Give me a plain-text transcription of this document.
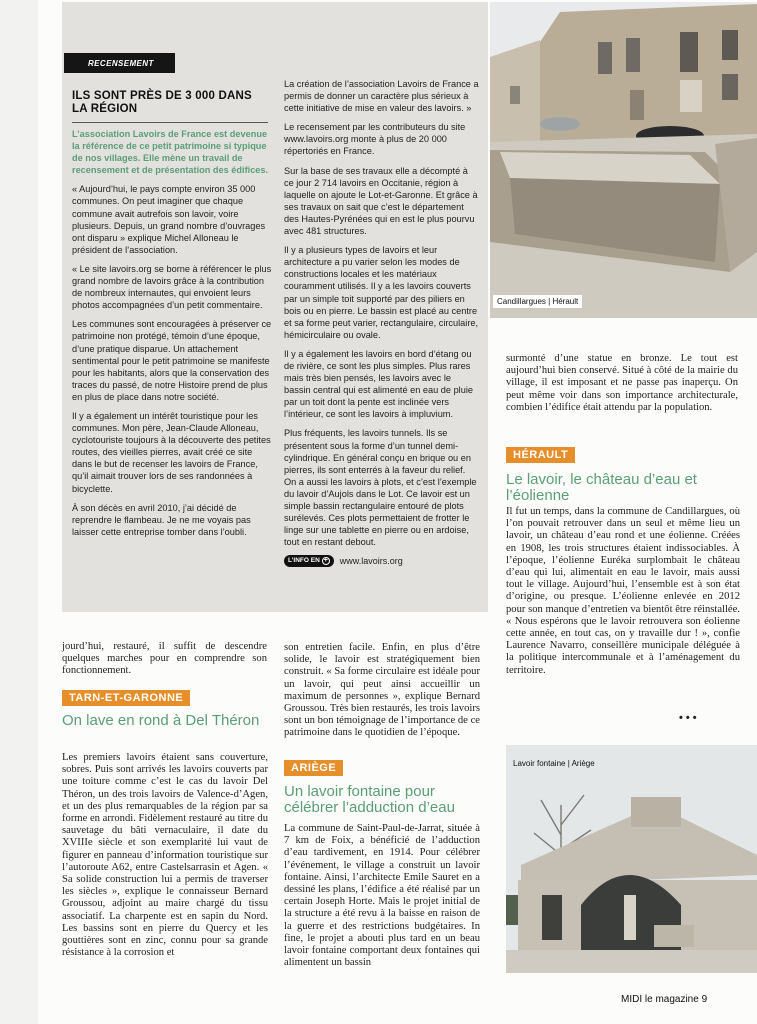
RECENSEMENT
ILS SONT PRÈS DE 3 000 DANS LA RÉGION

L’association Lavoirs de France est devenue la référence de ce petit patrimoine si typique de nos villages. Elle mène un travail de recensement et de présentation des édifices.

« Aujourd’hui, le pays compte environ 35 000 communes. On peut imaginer que chaque commune avait autrefois son lavoir, voire plusieurs. Depuis, un grand nombre d’ouvrages ont disparu » explique Michel Alloneau le président de l’association.

« Le site lavoirs.org se borne à référencer le plus grand nombre de lavoirs grâce à la contribution de nombreux internautes, qui envoient leurs photos accompagnées d’un petit commentaire.

Les communes sont encouragées à préserver ce patrimoine non protégé, témoin d’une époque, d’une pratique disparue. Un attachement sentimental pour le petit patrimoine se manifeste pour les habitants, alors que la conservation des traces du passé, de notre Histoire prend de plus en plus de place dans notre société.

Il y a également un intérêt touristique pour les communes. Mon père, Jean-Claude Alloneau, cyclotouriste toujours à la découverte des petites routes, des vieilles pierres, avait créé ce site dans le but de recenser les lavoirs de France, qu’il aimait trouver lors de ses randonnées à bicyclette.

À son décès en avril 2010, j’ai décidé de reprendre le flambeau. Je ne me voyais pas laisser cette entreprise tomber dans l’oubli.

La création de l’association Lavoirs de France a permis de donner un caractère plus sérieux à cette initiative de mise en valeur des lavoirs. »

Le recensement par les contributeurs du site www.lavoirs.org monte à plus de 20 000 répertoriés en France.

Sur la base de ses travaux elle a décompté à ce jour 2 714 lavoirs en Occitanie, région à laquelle on ajoute le Lot-et-Garonne. Et grâce à ses travaux on sait que c’est le département des Hautes-Pyrénées qui en est le plus pourvu avec 481 structures.

Il y a plusieurs types de lavoirs et leur architecture a pu varier selon les modes de constructions locales et les matériaux couramment utilisés. Il y a les lavoirs couverts par un simple toit supporté par des piliers en bois ou en pierre. Le bassin est placé au centre et sa forme peut varier, rectangulaire, circulaire, hémicirculaire ou ovale.

Il y a également les lavoirs en bord d’étang ou de rivière, ce sont les plus simples. Plus rares mais très bien pensés, les lavoirs avec le bassin central qui est alimenté en eau de pluie par un toit dont la pente est inclinée vers l’intérieur, ce sont les lavoirs à impluvium.

Plus fréquents, les lavoirs tunnels. Ils se présentent sous la forme d’un tunnel demi-cylindrique. En général conçu en brique ou en pierres, ils sont enterrés à la faveur du relief. On a aussi les lavoirs à plots, et c’est l’exemple du lavoir d’Aujols dans le Lot. Ce lavoir est un simple bassin rectangulaire entouré de plots surélevés. Ces plots permettaient de frotter le linge sur une tablette en pierre ou en ardoise, tout en restant debout.

L’INFO EN +	www.lavoirs.org
Candillargues | Hérault
Lavoir fontaine | Ariège
surmonté d’une statue en bronze. Le tout est aujourd’hui bien conservé. Situé à côté de la mairie du village, il est imposant et ne passe pas inaperçu. On peut même voir dans son importance architecturale, combien l’édifice était attendu par la population.
HÉRAULT
Le lavoir, le château d’eau et l’éolienne
Il fut un temps, dans la commune de Candillargues, où l’on pouvait retrouver dans un seul et même lieu un lavoir, un château d’eau rond et une éolienne. Créées en 1908, les trois structures étaient indissociables. À l’époque, l’éolienne Euréka surplombait le château d’eau qui lui, alimentait en eau le lavoir, mais aussi tout le village. Aujourd’hui, l’ensemble est à son état d’origine, ou presque. L’éolienne enlevée en 2012 pour son manque d’entretien va bientôt être réinstallée. « Nous espérons que le lavoir retrouvera son éolienne cette année, en tout cas, on y travaille dur ! », confie Laurence Navarro, conseillère municipale déléguée à la politique intercommunale et à l’aménagement du territoire.
•••
jourd’hui, restauré, il suffit de descendre quelques marches pour en comprendre son fonctionnement.
TARN-ET-GARONNE
On lave en rond à Del Théron
Les premiers lavoirs étaient sans couverture, sobres. Puis sont arrivés les lavoirs couverts par une toiture comme c’est le cas du lavoir Del Théron, un des trois lavoirs de Valence-d’Agen, et un des plus remarquables de la région par sa forme en arrondi. Fidèlement restauré au titre du sauvetage du bâti vernaculaire, il date du XVIIIe siècle et son exemplarité lui vaut de figurer en panneau d’information touristique sur l’autoroute A62, entre Castelsarrasin et Agen. « Sa solide construction lui a permis de traverser les siècles », explique le connaisseur Bernard Groussou, adjoint au maire chargé du tissu associatif. La charpente est en sapin du Nord. Les bassins sont en pierre du Quercy et les gouttières sont en zinc, connu pour sa grande résistance à la corrosion et
son entretien facile. Enfin, en plus d’être solide, le lavoir est stratégiquement bien construit. « Sa forme circulaire est idéale pour un lavoir, qui peut ainsi accueillir un maximum de personnes », explique Bernard Groussou. Très bien restaurés, les trois lavoirs sont un bon témoignage de l’importance de ce patrimoine dans le quotidien de l’époque.
ARIÈGE
Un lavoir fontaine pour célébrer l’adduction d’eau
La commune de Saint-Paul-de-Jarrat, située à 7 km de Foix, a bénéficié de l’adduction d’eau tardivement, en 1914. Pour célébrer l’événement, le village a construit un lavoir fontaine. Ainsi, l’architecte Emile Sauret en a dessiné les plans, l’édifice a été réalisé par un certain Joseph Horte. Mais le projet initial de la structure a été revu à la baisse en raison de la guerre et des restrictions budgétaires. In fine, le projet a abouti plus tard en un beau lavoir fontaine comportant deux fontaines qui alimentent un bassin
MIDI le magazine 9
